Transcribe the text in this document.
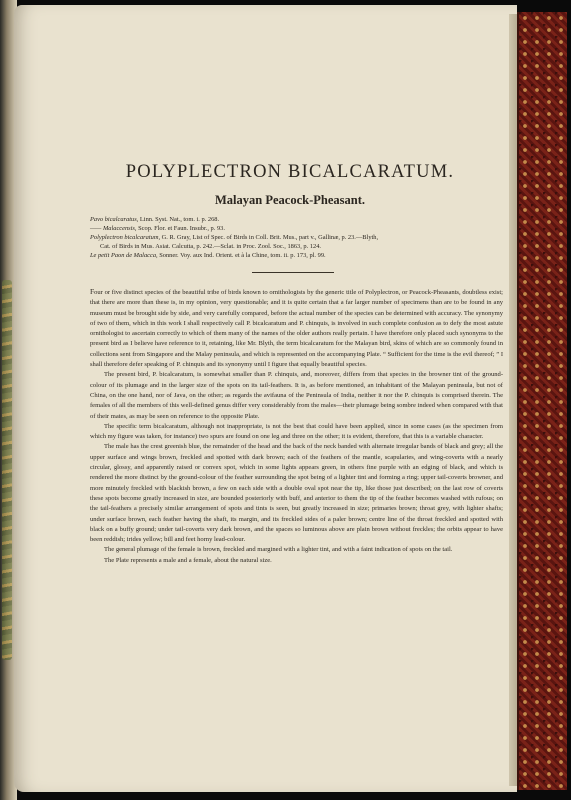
POLYPLECTRON BICALCARATUM.
Malayan Peacock-Pheasant.
Pavo bicalcaratus, Linn. Syst. Nat., tom. i. p. 268.
—— Malaccensis, Scop. Flor. et Faun. Insubr., p. 93.
Polyplectron bicalcaratum, G. R. Gray, List of Spec. of Birds in Coll. Brit. Mus., part v., Gallinæ, p. 23.—Blyth,
Cat. of Birds in Mus. Asiat. Calcutta, p. 242.—Sclat. in Proc. Zool. Soc., 1863, p. 124.
Le petit Paon de Malacca, Sonner. Voy. aux Ind. Orient. et à la Chine, tom. ii. p. 173, pl. 99.

Four or five distinct species of the beautiful tribe of birds known to ornithologists by the generic title of Polyplectron, or Peacock-Pheasants, doubtless exist; that there are more than these is, in my opinion, very questionable; and it is quite certain that a far larger number of specimens than are to be found in any museum must be brought side by side, and very carefully compared, before the actual number of the species can be determined with accuracy. The synonymy of two of them, which in this work I shall respectively call P. bicalcaratum and P. chinquis, is involved in such complete confusion as to defy the most astute ornithologist to ascertain correctly to which of them many of the names of the older authors really pertain. I have therefore only placed such synonyms to the present bird as I believe have reference to it, retaining, like Mr. Blyth, the term bicalcaratum for the Malayan bird, skins of which are so commonly found in collections sent from Singapore and the Malay peninsula, and which is represented on the accompanying Plate. “ Sufficient for the time is the evil thereof; ” I shall therefore defer speaking of P. chinquis and its synonymy until I figure that equally beautiful species.

The present bird, P. bicalcaratum, is somewhat smaller than P. chinquis, and, moreover, differs from that species in the browner tint of the ground-colour of its plumage and in the larger size of the spots on its tail-feathers. It is, as before mentioned, an inhabitant of the Malayan peninsula, but not of China, on the one hand, nor of Java, on the other; as regards the avifauna of the Peninsula of India, neither it nor the P. chinquis is comprised therein. The females of all the members of this well-defined genus differ very considerably from the males—their plumage being sombre indeed when compared with that of their mates, as may be seen on reference to the opposite Plate.

The specific term bicalcaratum, although not inappropriate, is not the best that could have been applied, since in some cases (as the specimen from which my figure was taken, for instance) two spurs are found on one leg and three on the other; it is evident, therefore, that this is a variable character.

The male has the crest greenish blue, the remainder of the head and the back of the neck banded with alternate irregular bands of black and grey; all the upper surface and wings brown, freckled and spotted with dark brown; each of the feathers of the mantle, scapularies, and wing-coverts with a nearly circular, glossy, and apparently raised or convex spot, which in some lights appears green, in others fine purple with an edging of black, and which is rendered the more distinct by the ground-colour of the feather surrounding the spot being of a lighter tint and forming a ring; upper tail-coverts browner, and more minutely freckled with blackish brown, a few on each side with a double oval spot near the tip, like those just described; on the last row of coverts these spots become greatly increased in size, are bounded posteriorly with buff, and anterior to them the tip of the feather becomes washed with rufous; on the tail-feathers a precisely similar arrangement of spots and tints is seen, but greatly increased in size; primaries brown; throat grey, with lighter shafts; under surface brown, each feather having the shaft, its margin, and its freckled sides of a paler brown; centre line of the throat freckled and spotted with black on a buffy ground; under tail-coverts very dark brown, and the spaces so luminous above are plain brown without freckles; the orbits appear to have been reddish; irides yellow; bill and feet horny lead-colour.

The general plumage of the female is brown, freckled and margined with a lighter tint, and with a faint indication of spots on the tail.

The Plate represents a male and a female, about the natural size.
